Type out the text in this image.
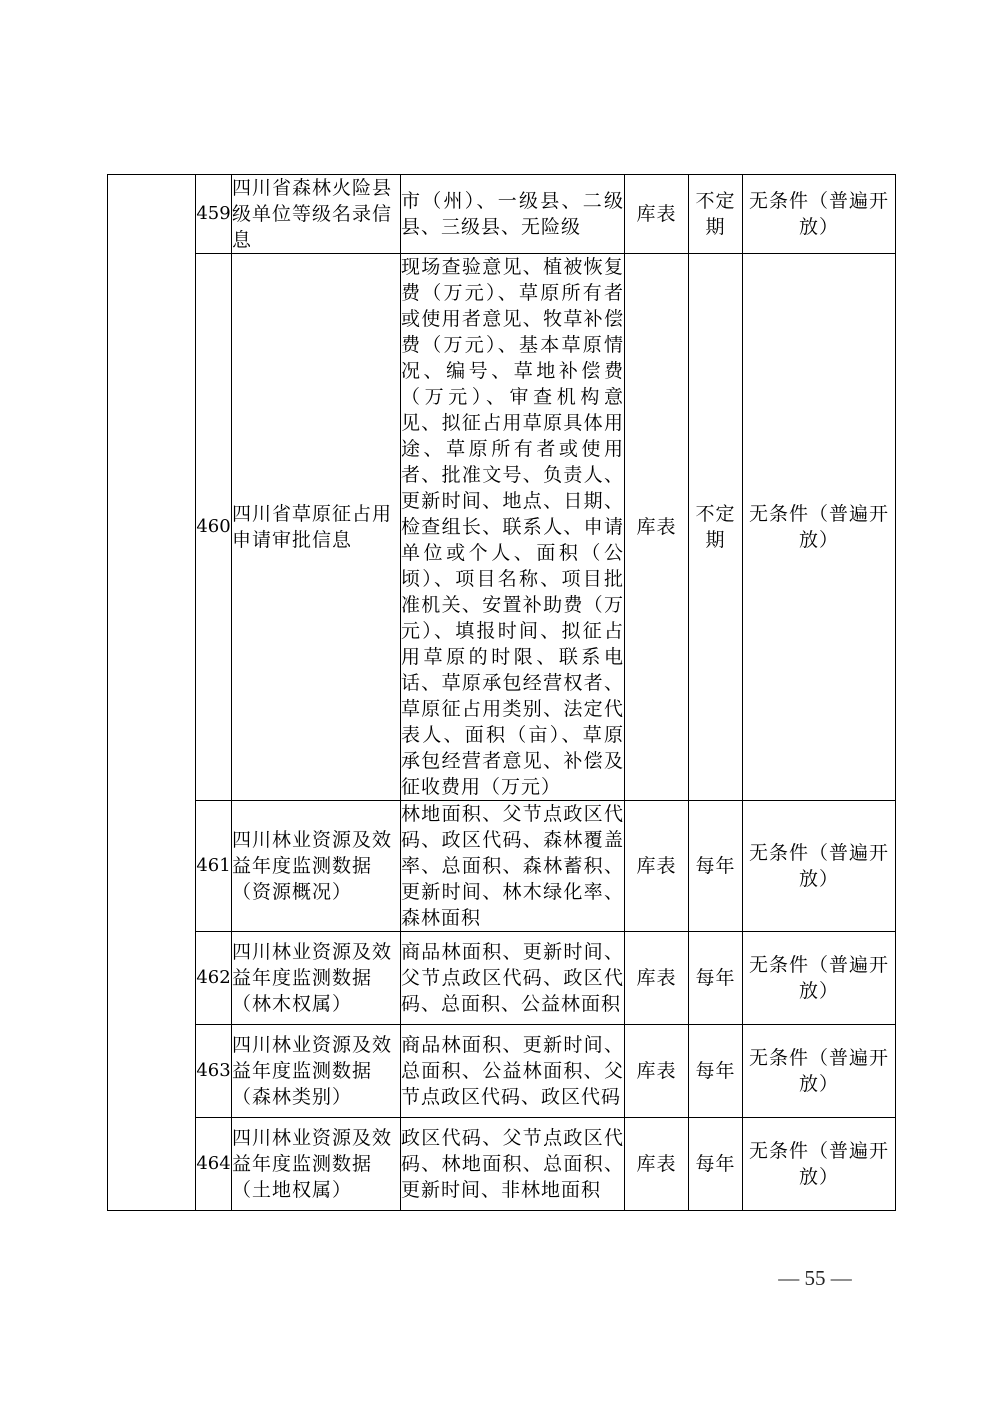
	459	四川省森林火险县级单位等级名录信息	市（州）、一级县、二级县、三级县、无险级	库表	不定期	无条件（普遍开放）
	460	四川省草原征占用申请审批信息	现场查验意见、植被恢复费（万元）、草原所有者或使用者意见、牧草补偿费（万元）、基本草原情况、编号、草地补偿费（万元）、审查机构意见、拟征占用草原具体用途、草原所有者或使用者、批准文号、负责人、更新时间、地点、日期、检查组长、联系人、申请单位或个人、面积（公顷）、项目名称、项目批准机关、安置补助费（万元）、填报时间、拟征占用草原的时限、联系电话、草原承包经营权者、草原征占用类别、法定代表人、面积（亩）、草原承包经营者意见、补偿及征收费用（万元）	库表	不定期	无条件（普遍开放）
	461	四川林业资源及效益年度监测数据（资源概况）	林地面积、父节点政区代码、政区代码、森林覆盖率、总面积、森林蓄积、更新时间、林木绿化率、森林面积	库表	每年	无条件（普遍开放）
	462	四川林业资源及效益年度监测数据（林木权属）	商品林面积、更新时间、父节点政区代码、政区代码、总面积、公益林面积	库表	每年	无条件（普遍开放）
	463	四川林业资源及效益年度监测数据（森林类别）	商品林面积、更新时间、总面积、公益林面积、父节点政区代码、政区代码	库表	每年	无条件（普遍开放）
	464	四川林业资源及效益年度监测数据（土地权属）	政区代码、父节点政区代码、林地面积、总面积、更新时间、非林地面积	库表	每年	无条件（普遍开放）
— 55 —
